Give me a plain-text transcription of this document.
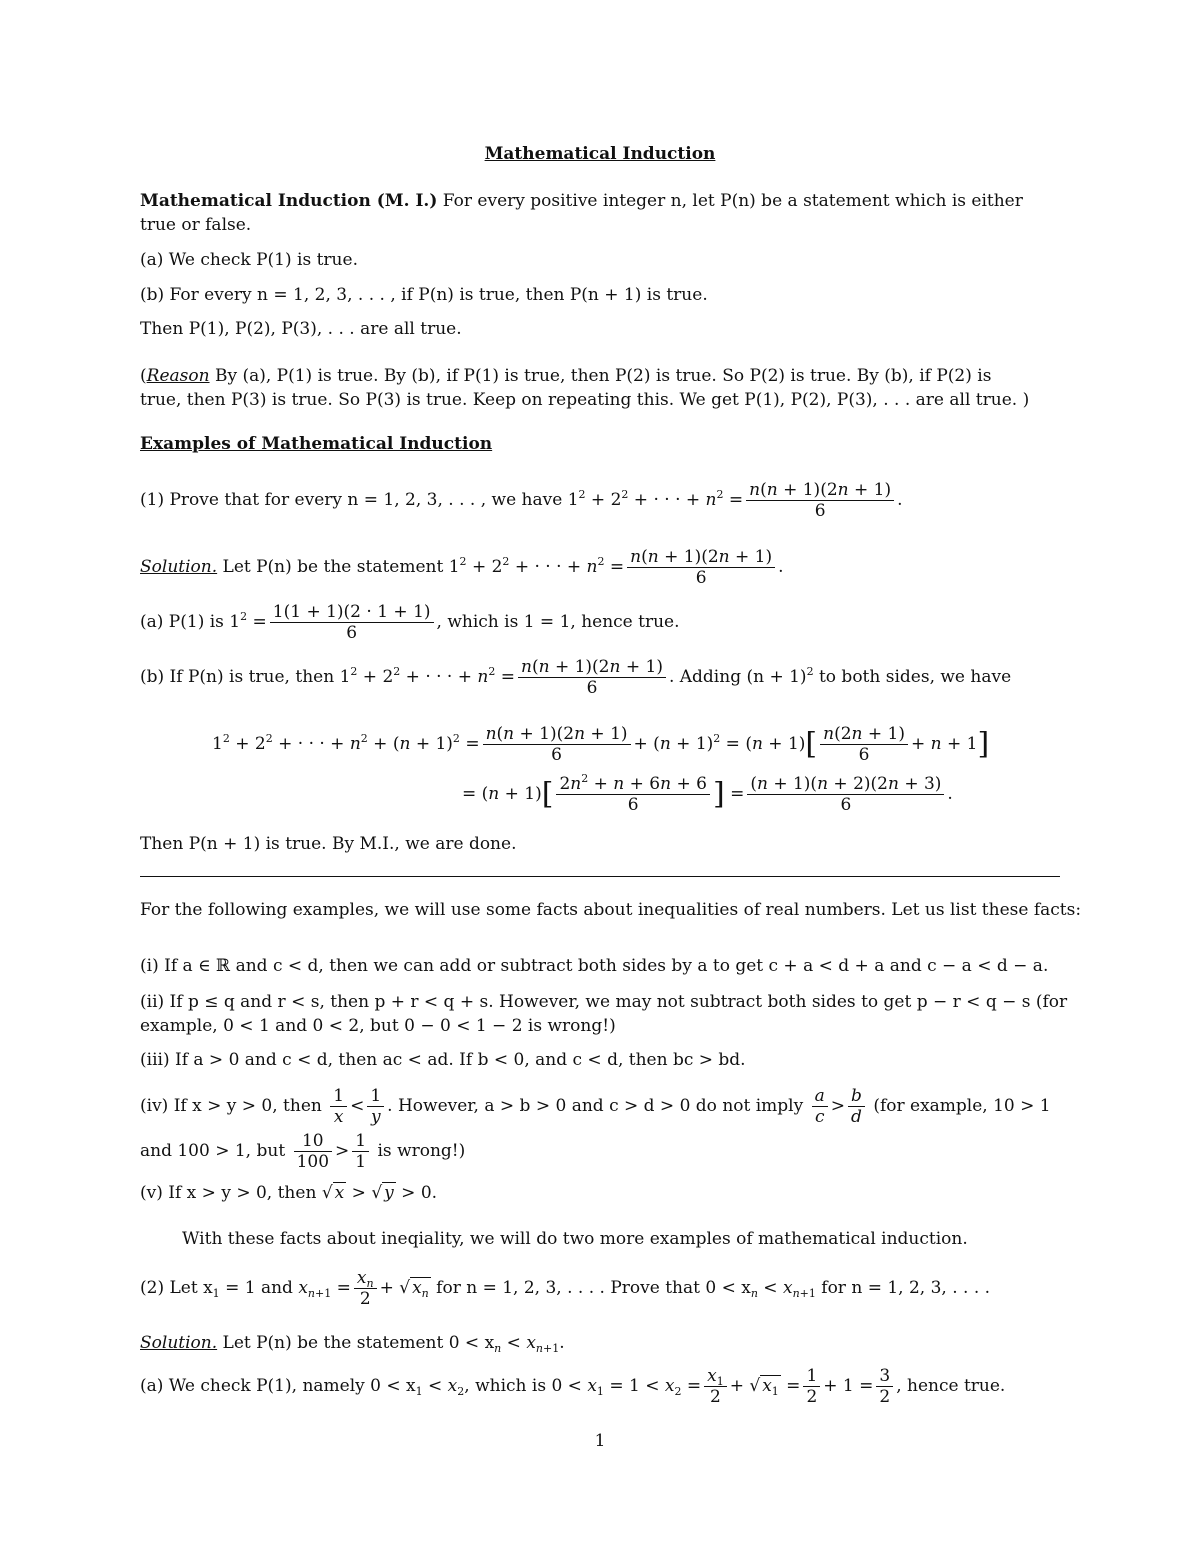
Mathematical Induction
Mathematical Induction (M. I.) For every positive integer n, let P(n) be a statement which is either
true or false.
(a) We check P(1) is true.
(b) For every n = 1, 2, 3, . . . , if P(n) is true, then P(n + 1) is true.
Then P(1), P(2), P(3), . . . are all true.
(Reason By (a), P(1) is true. By (b), if P(1) is true, then P(2) is true. So P(2) is true. By (b), if P(2) is
true, then P(3) is true. So P(3) is true. Keep on repeating this. We get P(1), P(2), P(3), . . . are all true. )
Examples of Mathematical Induction
(1) Prove that for every n = 1, 2, 3, . . . , we have $1^2 + 2^2$ + · · · + $n^2 = \frac{n(n + 1)(2n + 1)}{6}$ .
Solution. Let P(n) be the statement $1^2 + 2^2$ + · · · + $n^2 = \frac{n(n + 1)(2n + 1)}{6}$ .
(a) P(1) is $1^2 = \frac{1(1 + 1)(2 \cdot 1 + 1)}{6}$ , which is 1 = 1, hence true.
(b) If P(n) is true, then $1^2 + 2^2$ + · · · + $n^2 = \frac{n(n + 1)(2n + 1)}{6}$ . Adding $(n + 1)^2$ to both sides, we have
$1^2 + 2^2$ + · · · + $n^2 + (n + 1)^2 = \frac{n(n + 1)(2n + 1)}{6} + (n + 1)^2 = (n + 1)[ \frac{n(2n + 1)}{6} + n + 1]$
= $(n + 1)[ \frac{2n^2 + n + 6n + 6}{6}$ ] = $\frac{(n + 1)(n + 2)(2n + 3)}{6}$ .
Then P(n + 1) is true. By M.I., we are done.
For the following examples, we will use some facts about inequalities of real numbers. Let us list these facts:
(i) If a ∈ ℝ and c < d, then we can add or subtract both sides by a to get c + a < d + a and c − a < d − a.
(ii) If p ≤ q and r < s, then p + r < q + s. However, we may not subtract both sides to get p − r < q − s (for
example, 0 < 1 and 0 < 2, but 0 − 0 < 1 − 2 is wrong!)
(iii) If a > 0 and c < d, then ac < ad. If b < 0, and c < d, then bc > bd.
(iv) If x > y > 0, then $\frac{1}{x} < \frac{1}{y}$ . However, a > b > 0 and c > d > 0 do not imply $\frac{a}{c} > \frac{b}{d} (for$ example, 10 > 1
and 100 > 1, but $\frac{10}{100} > \frac{1}{1}$ is wrong!)
(v) If x > y > 0, then √ x > √ y > 0.
With these facts about ineqiality, we will do two more examples of mathematical induction.
(2) Let $x_1 = 1$ and $x_{n+1} = \frac{x_n}{2}$ + √ $x_n$ for n = 1, 2, 3, . . . . Prove that $0 < x_n < x_{n+1}$ for n = 1, 2, 3, . . . .
Solution. Let P(n) be the statement $0 < x_n < x_{n+1}$.
(a) We check P(1), namely $0 < x_1 < x_2$, which is $0 < x_1 = 1 < x_2 = \frac{x_1}{2}$ + √ $x_1 = \frac{1}{2} + 1 = \frac{3}{2}$ , hence true.
1
